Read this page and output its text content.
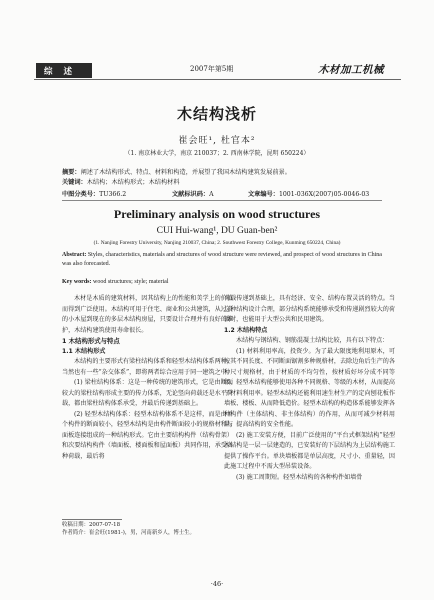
综 述	2007年第5期	木材加工机械
木结构浅析
崔会旺¹, 杜官本²
（1. 南京林业大学，南京 210037；2. 西南林学院，昆明 650224）
摘要：阐述了木结构形式、特点、材料和构造，并展望了我国木结构建筑发展前景。
关键词：木结构；木结构形式；木结构材料
中图分类号：TU366.2	文献标识码：A	文章编号：1001-036X(2007)05-0046-03
Preliminary analysis on wood structures
CUI Hui-wang¹, DU Guan-ben²
(1. Nanjing Forestry University, Nanjing 210037, China; 2. Southwest Forestry College, Kunming 650224, China)
Abstract: Styles, characteristics, materials and structures of wood structure were reviewed, and prospect of wood structures in China was also forecasted.
Key words: wood structures; style; material

木材是木质的建筑材料，因其结构上的性能和美学上的价值而得到广泛使用。木结构可用于住宅、商业和公共建筑，从过去的小木屋到现在的多层木结构房屋，只要设计合理并有良好的维护，木结构建筑使用寿命很长。

1 木结构形式与特点
1.1 木结构形式

木结构的主要形式有梁柱结构体系和轻型木结构体系两种，当然也有一些“杂交体系”，即将两者综合应用于同一建筑之中。

(1) 梁柱结构体系：这是一种传统的建筑形式，它是由断面较大的梁柱结构形成主要的传力体系，无论竖向荷载还是水平荷载，都由梁柱结构体系承受，并最后传递到基础上。

(2) 轻型木结构体系：轻型木结构体系不是这样，而是由单个构件的断面较小，轻型木结构是由构件断面较小的规格材和与面板连接组成的一种结构形式。它由主要结构构件（结构骨架）和次要结构构件（墙面板、楼面板和屋面板）共同作用，承受各种荷载，最后将

荷载传递到基础上，具有经济、安全、结构布置灵活的特点。当这种结构设计合理，部分结构系统能够承受和传递剧烈较大的荷载时，也能用于大型公共和民用建筑。

1.2 木结构特点

木结构与钢结构、钢筋混凝土结构比较，具有以下特点：

(1) 材料利用率高，投资少。为了最大限度地利用原木，可按其不同长度、不同断面锯割多种规格材，去除边角后生产的各种尺寸规格材，由于材质的不均匀性，按材质好坏分成不同等级，轻型木结构能够使用各种不同规格、等级的木材，从而提高了材料利用率。轻型木结构还能利用速生材生产的定向刨花板作墙板、楼板、从而降低造价。轻型木结构的构造体系能够发挥各种构件（主体结构、非主体结构）的作用，从而可减少材料用量，提高结构的安全性能。

(2) 施工安装方便，目前广泛使用的“平台式框架结构”轻型木结构是一层一层建造的，已安装好的下层结构为上层结构施工提供了操作平台。单块墙板都是单层高度，尺寸小、重量轻，因此施工过程中不需大型吊装设备。

(3) 施工周期短。轻型木结构的各种构件如墙骨

收稿日期：2007-07-18
作者简介：崔会旺(1981-)，男，河南新乡人，博士生。
·46·
